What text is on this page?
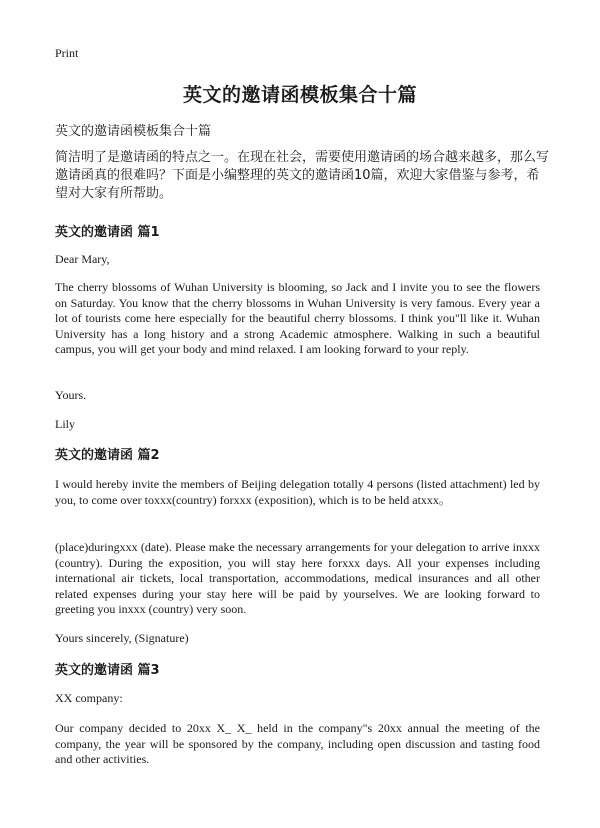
Print
英文的邀请函模板集合十篇
英文的邀请函模板集合十篇
简洁明了是邀请函的特点之一。在现在社会，需要使用邀请函的场合越来越多，那么写邀请函真的很难吗？下面是小编整理的英文的邀请函10篇，欢迎大家借鉴与参考，希望对大家有所帮助。
英文的邀请函 篇1
Dear Mary,
The cherry blossoms of Wuhan University is blooming, so Jack and I invite you to see the flowers on Saturday. You know that the cherry blossoms in Wuhan University is very famous. Every year a lot of tourists come here especially for the beautiful cherry blossoms. I think you"ll like it. Wuhan University has a long history and a strong Academic atmosphere. Walking in such a beautiful campus, you will get your body and mind relaxed. I am looking forward to your reply.
Yours.
Lily
英文的邀请函 篇2
I would hereby invite the members of Beijing delegation totally 4 persons (listed attachment) led by you, to come over toxxx(country) forxxx (exposition), which is to be held atxxx。
(place)duringxxx (date). Please make the necessary arrangements for your delegation to arrive inxxx (country). During the exposition, you will stay here forxxx days. All your expenses including international air tickets, local transportation, accommodations, medical insurances and all other related expenses during your stay here will be paid by yourselves. We are looking forward to greeting you inxxx (country) very soon.
Yours sincerely, (Signature)
英文的邀请函 篇3
XX company:
Our company decided to 20xx X_ X_ held in the company"s 20xx annual the meeting of the company, the year will be sponsored by the company, including open discussion and tasting food and other activities.
